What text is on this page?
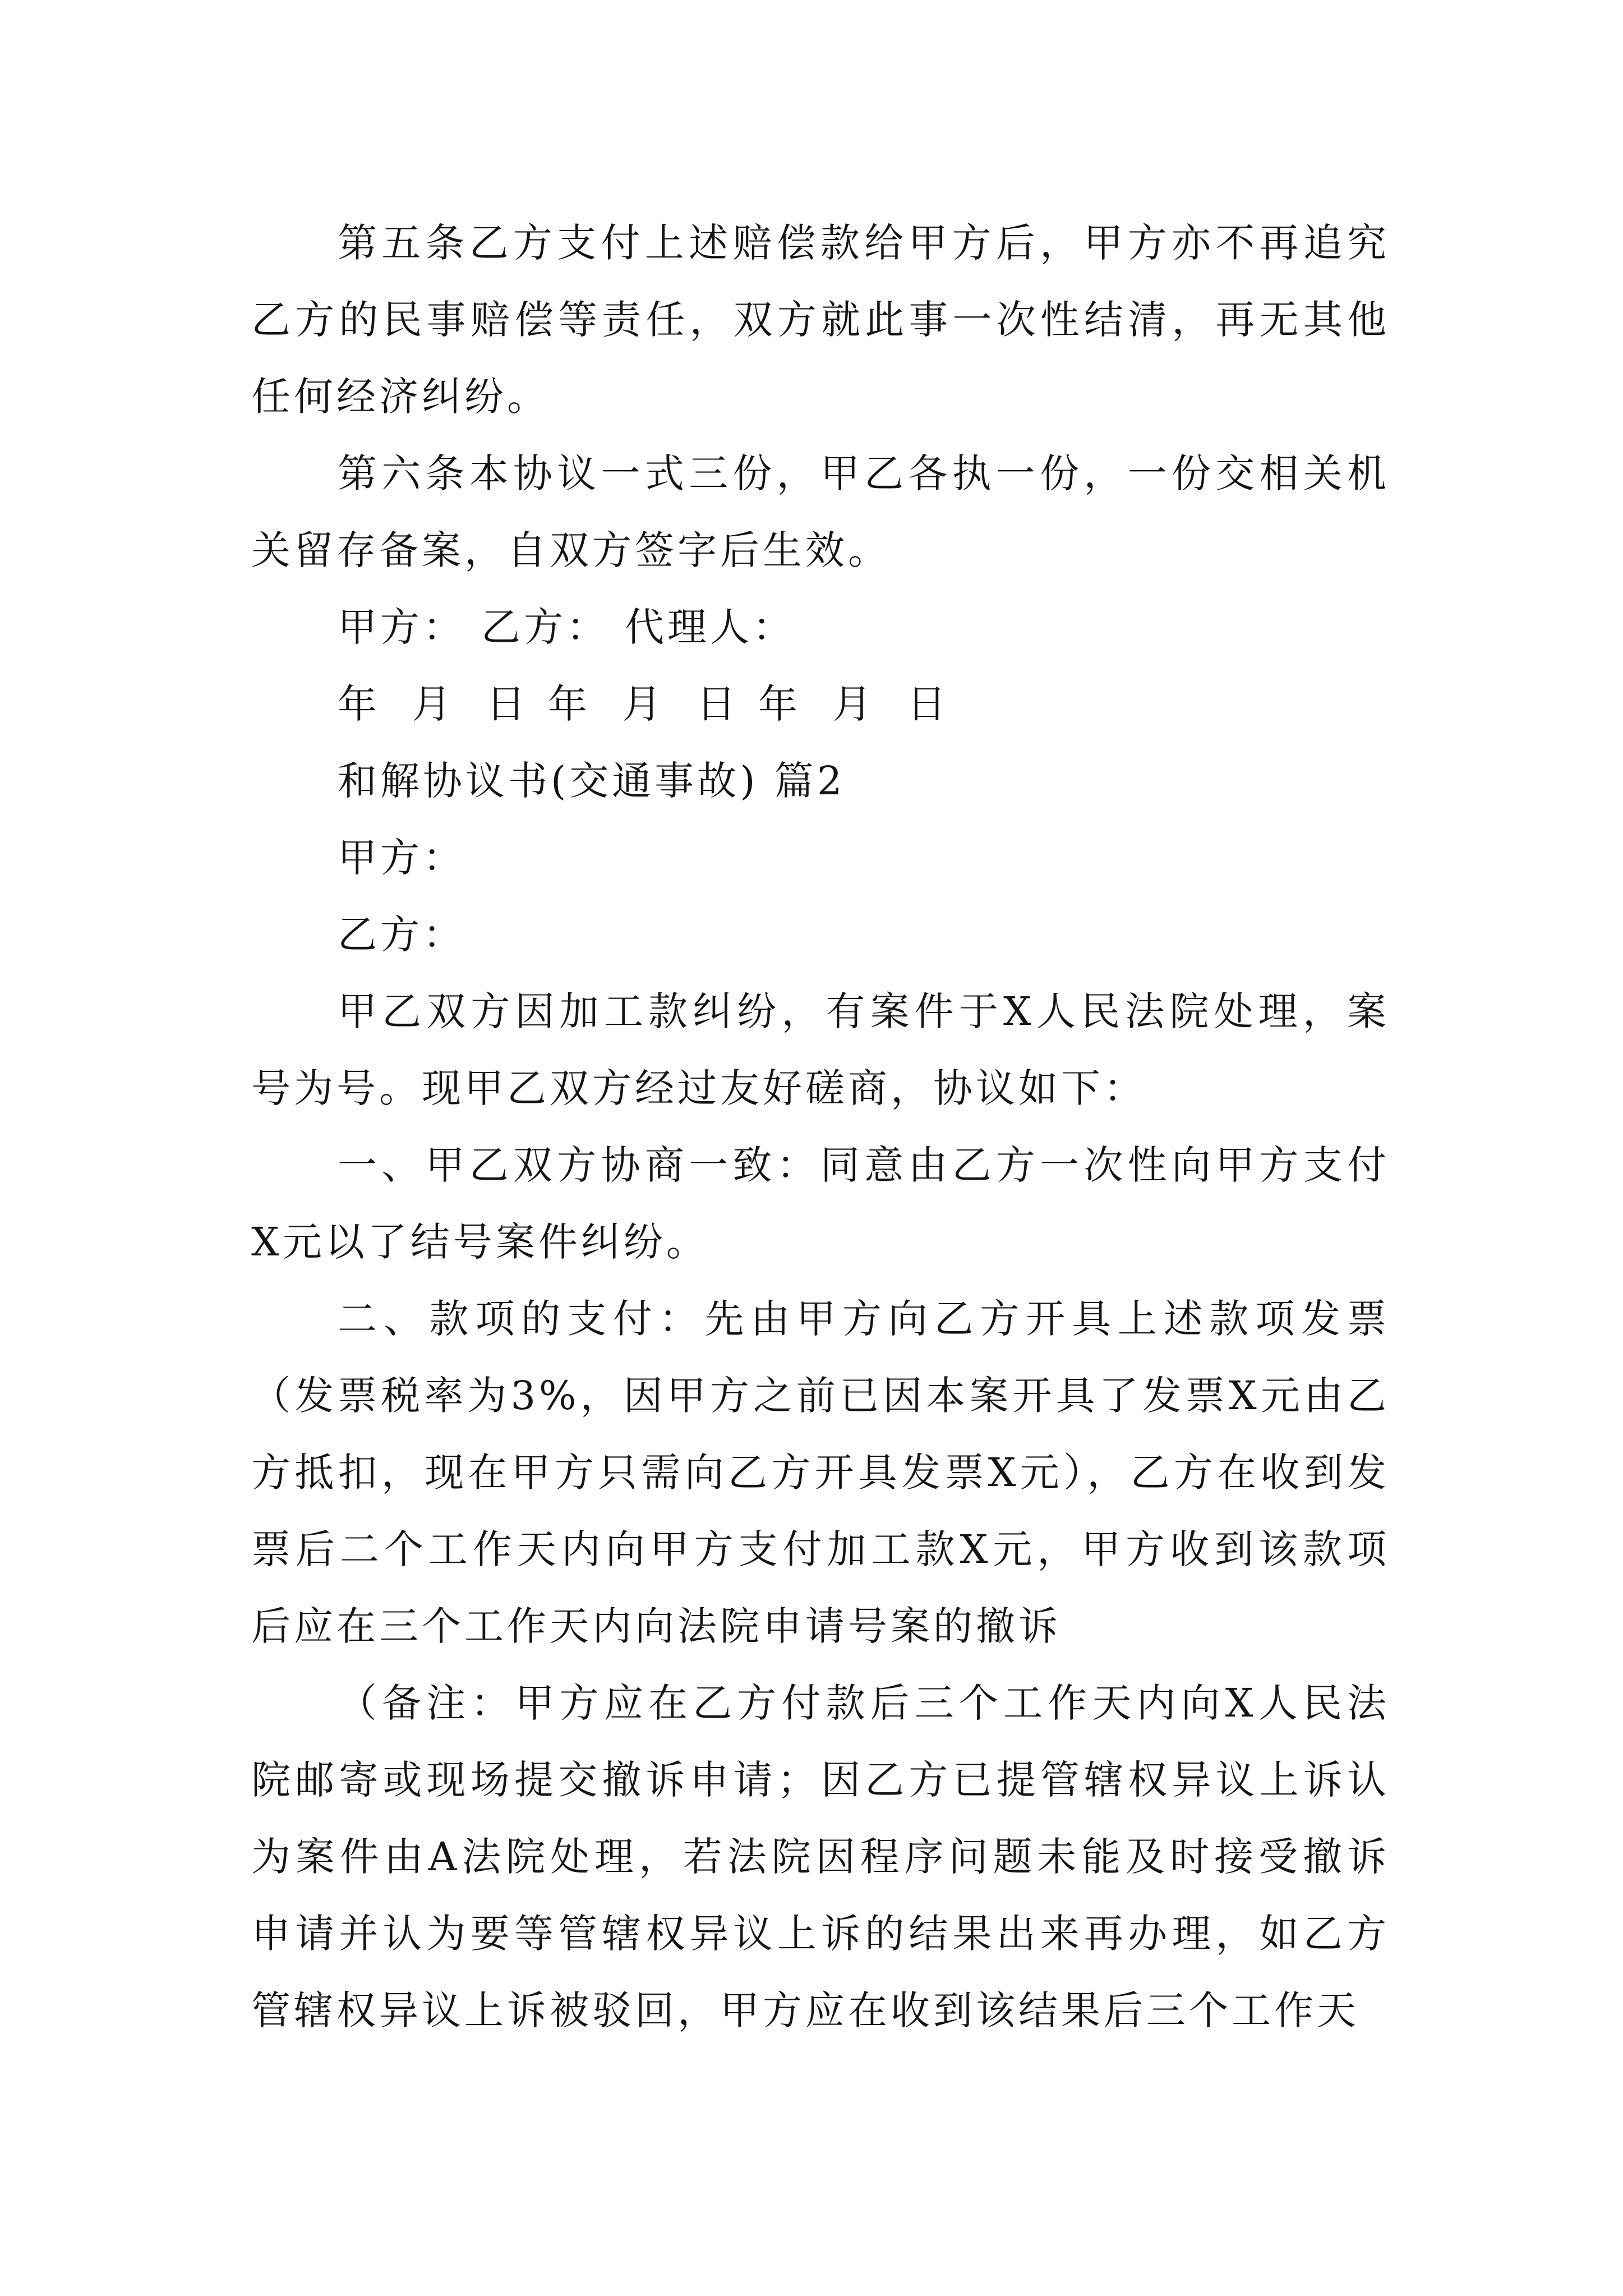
第五条乙方支付上述赔偿款给甲方后，甲方亦不再追究乙方的民事赔偿等责任，双方就此事一次性结清，再无其他任何经济纠纷。

第六条本协议一式三份，甲乙各执一份，一份交相关机关留存备案，自双方签字后生效。

甲方： 乙方： 代理人：

年  月  日 年  月  日 年  月  日

和解协议书(交通事故) 篇2

甲方：

乙方：

甲乙双方因加工款纠纷，有案件于X人民法院处理，案号为号。现甲乙双方经过友好磋商，协议如下：

一、甲乙双方协商一致：同意由乙方一次性向甲方支付X元以了结号案件纠纷。

二、款项的支付：先由甲方向乙方开具上述款项发票（发票税率为3%，因甲方之前已因本案开具了发票X元由乙方抵扣，现在甲方只需向乙方开具发票X元），乙方在收到发票后二个工作天内向甲方支付加工款X元，甲方收到该款项后应在三个工作天内向法院申请号案的撤诉

（备注：甲方应在乙方付款后三个工作天内向X人民法院邮寄或现场提交撤诉申请；因乙方已提管辖权异议上诉认为案件由A法院处理，若法院因程序问题未能及时接受撤诉申请并认为要等管辖权异议上诉的结果出来再办理，如乙方管辖权异议上诉被驳回，甲方应在收到该结果后三个工作天
